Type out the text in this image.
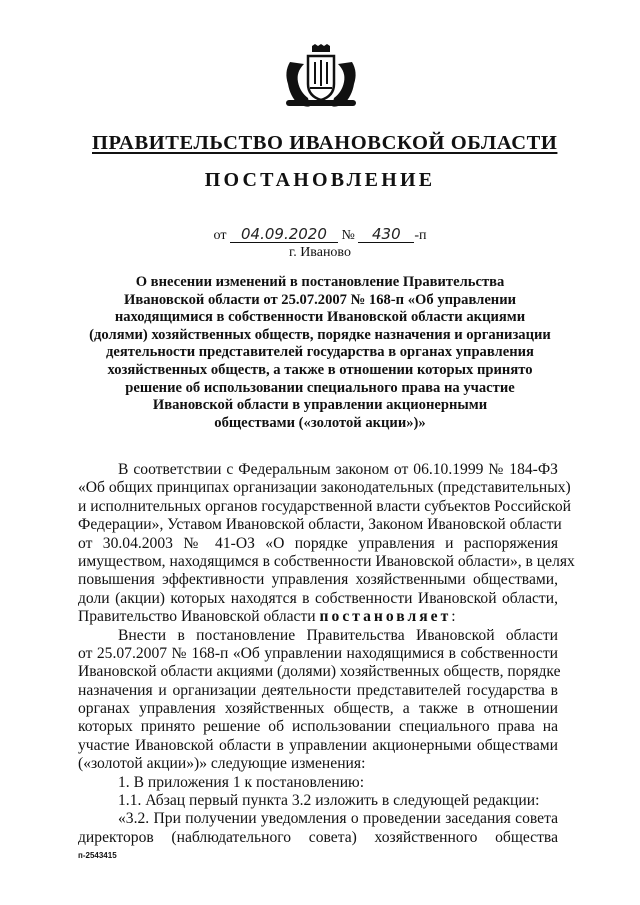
ПРАВИТЕЛЬСТВО ИВАНОВСКОЙ ОБЛАСТИ
ПОСТАНОВЛЕНИЕ
от 04.09.2020 № 430 -п
г. Иваново
О внесении изменений в постановление Правительства
Ивановской области от 25.07.2007 № 168-п «Об управлении
находящимися в собственности Ивановской области акциями
(долями) хозяйственных обществ, порядке назначения и организации
деятельности представителей государства в органах управления
хозяйственных обществ, а также в отношении которых принято
решение об использовании специального права на участие
Ивановской области в управлении акционерными
обществами («золотой акции»)»
В соответствии с Федеральным законом от 06.10.1999 № 184-ФЗ
«Об общих принципах организации законодательных (представительных)
и исполнительных органов государственной власти субъектов Российской
Федерации», Уставом Ивановской области, Законом Ивановской области
от 30.04.2003 № 41-ОЗ «О порядке управления и распоряжения
имуществом, находящимся в собственности Ивановской области», в целях
повышения эффективности управления хозяйственными обществами,
доли (акции) которых находятся в собственности Ивановской области,
Правительство Ивановской области постановляет:
Внести в постановление Правительства Ивановской области
от 25.07.2007 № 168-п «Об управлении находящимися в собственности
Ивановской области акциями (долями) хозяйственных обществ, порядке
назначения и организации деятельности представителей государства в
органах управления хозяйственных обществ, а также в отношении
которых принято решение об использовании специального права на
участие Ивановской области в управлении акционерными обществами
(«золотой акции»)» следующие изменения:
1. В приложения 1 к постановлению:
1.1. Абзац первый пункта 3.2 изложить в следующей редакции:
«3.2. При получении уведомления о проведении заседания совета
директоров (наблюдательного совета) хозяйственного общества
п-2543415
